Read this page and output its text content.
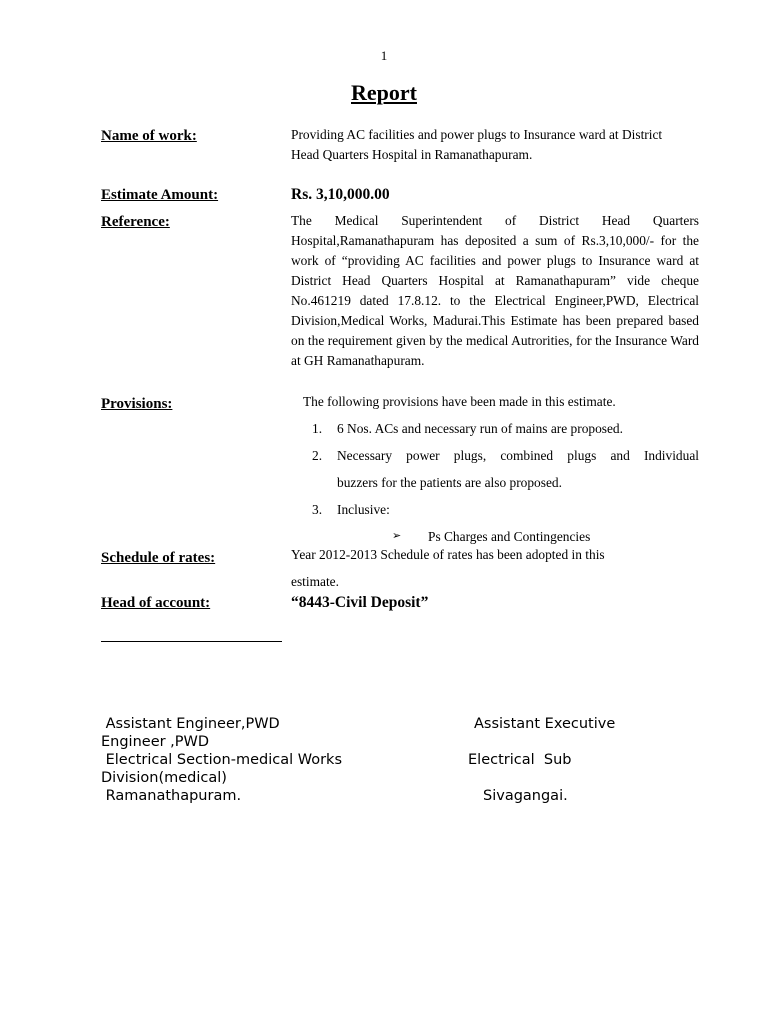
1
Report
Name of work:	Providing AC facilities and power plugs to Insurance ward at District Head Quarters Hospital in Ramanathapuram.
Estimate Amount:	Rs. 3,10,000.00
Reference:	The Medical Superintendent of District Head Quarters Hospital,Ramanathapuram has deposited a sum of Rs.3,10,000/- for the work of “providing AC facilities and power plugs to Insurance ward at District Head Quarters Hospital at Ramanathapuram” vide cheque No.461219 dated 17.8.12. to the Electrical Engineer,PWD, Electrical Division,Medical Works, Madurai.This Estimate has been prepared based on the requirement given by the medical Autrorities, for the Insurance Ward at GH Ramanathapuram.
Provisions:	The following provisions have been made in this estimate.
1. 6 Nos. ACs and necessary run of mains are proposed.
2. Necessary power plugs, combined plugs and Individual
buzzers for the patients are also proposed.
3. Inclusive:
➢ Ps Charges and Contingencies
Schedule of rates:	Year 2012-2013 Schedule of rates has been adopted in this
estimate.
Head of account:	“8443-Civil Deposit”
Assistant Engineer,PWD	Assistant Executive
Engineer ,PWD
Electrical Section-medical Works	Electrical  Sub
Division(medical)
Ramanathapuram.	Sivagangai.
